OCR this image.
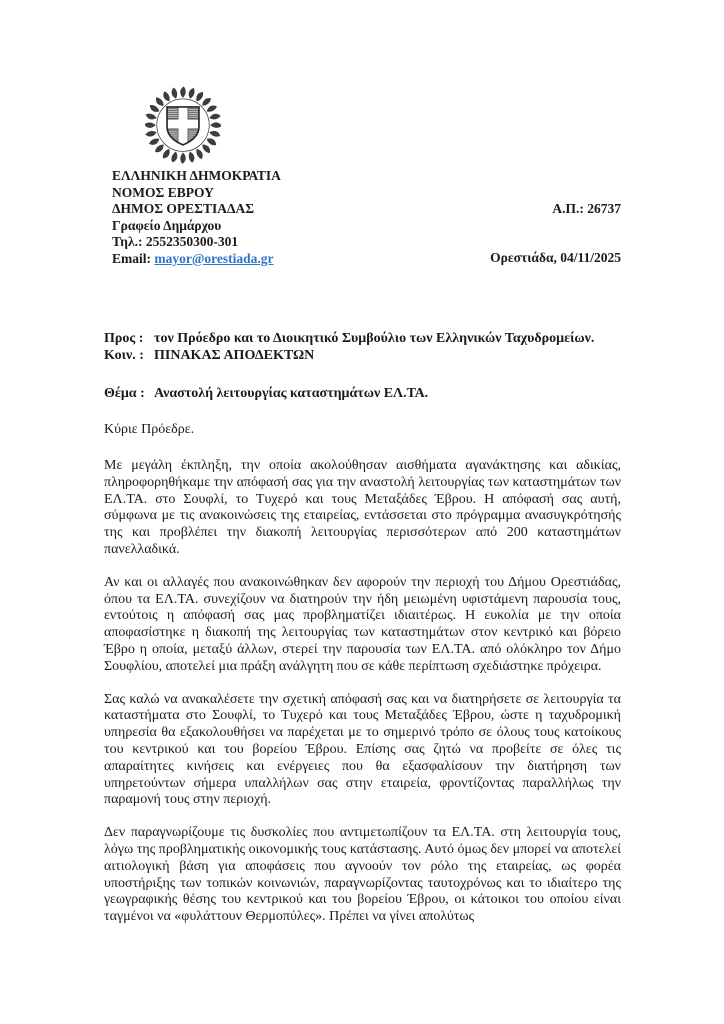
ΕΛΛΗΝΙΚΗ ΔΗΜΟΚΡΑΤΙΑ
ΝΟΜΟΣ ΕΒΡΟΥ
ΔΗΜΟΣ ΟΡΕΣΤΙΑΔΑΣ
Γραφείο Δημάρχου
Τηλ.: 2552350300-301
Email: mayor@orestiada.gr
Α.Π.: 26737
Ορεστιάδα, 04/11/2025
Προς : τον Πρόεδρο και το Διοικητικό Συμβούλιο των Ελληνικών Ταχυδρομείων.
Κοιν. : ΠΙΝΑΚΑΣ ΑΠΟΔΕΚΤΩΝ
Θέμα : Αναστολή λειτουργίας καταστημάτων ΕΛ.ΤΑ.
Κύριε Πρόεδρε.

Με μεγάλη έκπληξη, την οποία ακολούθησαν αισθήματα αγανάκτησης και αδικίας, πληροφορηθήκαμε την απόφασή σας για την αναστολή λειτουργίας των καταστημάτων των ΕΛ.ΤΑ. στο Σουφλί, το Τυχερό και τους Μεταξάδες Έβρου. Η απόφασή σας αυτή, σύμφωνα με τις ανακοινώσεις της εταιρείας, εντάσσεται στο πρόγραμμα ανασυγκρότησής της και προβλέπει την διακοπή λειτουργίας περισσότερων από 200 καταστημάτων πανελλαδικά.

Αν και οι αλλαγές που ανακοινώθηκαν δεν αφορούν την περιοχή του Δήμου Ορεστιάδας, όπου τα ΕΛ.ΤΑ. συνεχίζουν να διατηρούν την ήδη μειωμένη υφιστάμενη παρουσία τους, εντούτοις η απόφασή σας μας προβληματίζει ιδιαιτέρως. Η ευκολία με την οποία αποφασίστηκε η διακοπή της λειτουργίας των καταστημάτων στον κεντρικό και βόρειο Έβρο η οποία, μεταξύ άλλων, στερεί την παρουσία των ΕΛ.ΤΑ. από ολόκληρο τον Δήμο Σουφλίου, αποτελεί μια πράξη ανάλγητη που σε κάθε περίπτωση σχεδιάστηκε πρόχειρα.

Σας καλώ να ανακαλέσετε την σχετική απόφασή σας και να διατηρήσετε σε λειτουργία τα καταστήματα στο Σουφλί, το Τυχερό και τους Μεταξάδες Έβρου, ώστε η ταχυδρομική υπηρεσία θα εξακολουθήσει να παρέχεται με το σημερινό τρόπο σε όλους τους κατοίκους του κεντρικού και του βορείου Έβρου. Επίσης σας ζητώ να προβείτε σε όλες τις απαραίτητες κινήσεις και ενέργειες που θα εξασφαλίσουν την διατήρηση των υπηρετούντων σήμερα υπαλλήλων σας στην εταιρεία, φροντίζοντας παραλλήλως την παραμονή τους στην περιοχή.

Δεν παραγνωρίζουμε τις δυσκολίες που αντιμετωπίζουν τα ΕΛ.ΤΑ. στη λειτουργία τους, λόγω της προβληματικής οικονομικής τους κατάστασης. Αυτό όμως δεν μπορεί να αποτελεί αιτιολογική βάση για αποφάσεις που αγνοούν τον ρόλο της εταιρείας, ως φορέα υποστήριξης των τοπικών κοινωνιών, παραγνωρίζοντας ταυτοχρόνως και το ιδιαίτερο της γεωγραφικής θέσης του κεντρικού και του βορείου Έβρου, οι κάτοικοι του οποίου είναι ταγμένοι να «φυλάττουν Θερμοπύλες». Πρέπει να γίνει απολύτως
